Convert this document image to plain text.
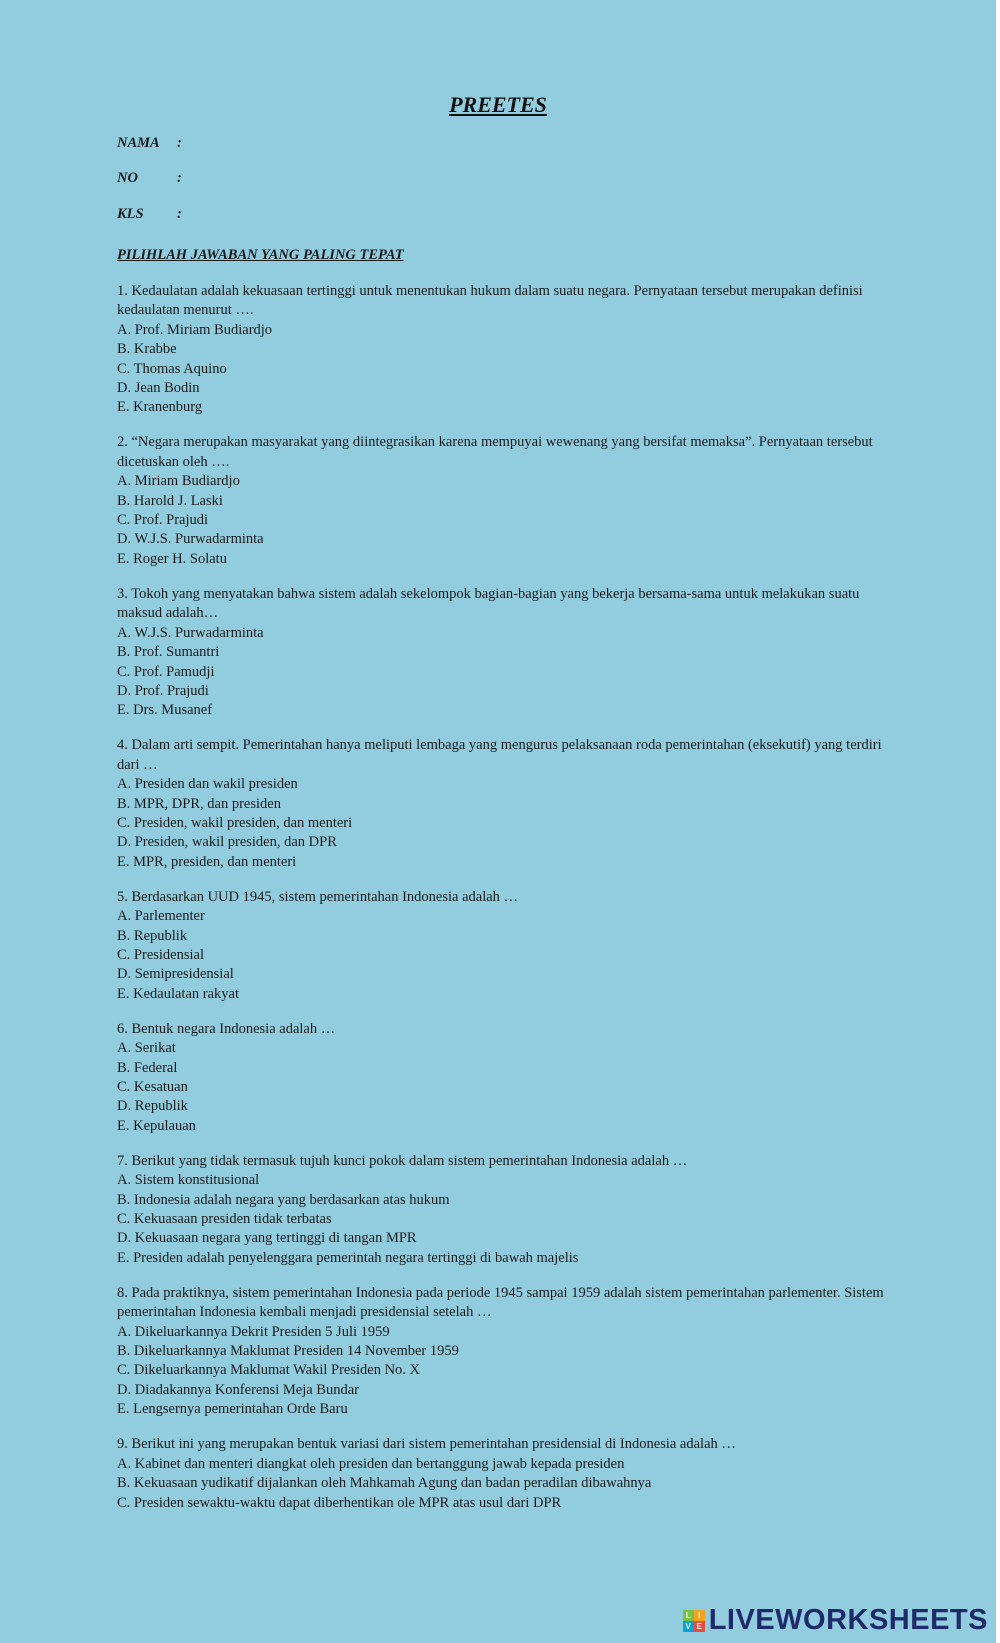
PREETES
NAMA :
NO	:
KLS :
PILIHLAH JAWABAN YANG PALING TEPAT
1. Kedaulatan adalah kekuasaan tertinggi untuk menentukan hukum dalam suatu negara. Pernyataan tersebut merupakan definisi kedaulatan menurut ….
A. Prof. Miriam Budiardjo
B. Krabbe
C. Thomas Aquino
D. Jean Bodin
E. Kranenburg
2. “Negara merupakan masyarakat yang diintegrasikan karena mempuyai wewenang yang bersifat memaksa”. Pernyataan tersebut dicetuskan oleh ….
A. Miriam Budiardjo
B. Harold J. Laski
C. Prof. Prajudi
D. W.J.S. Purwadarminta
E. Roger H. Solatu
3. Tokoh yang menyatakan bahwa sistem adalah sekelompok bagian-bagian yang bekerja bersama-sama untuk melakukan suatu maksud adalah…
A. W.J.S. Purwadarminta
B. Prof. Sumantri
C. Prof. Pamudji
D. Prof. Prajudi
E. Drs. Musanef
4. Dalam arti sempit. Pemerintahan hanya meliputi lembaga yang mengurus pelaksanaan roda pemerintahan (eksekutif) yang terdiri dari …
A. Presiden dan wakil presiden
B. MPR, DPR, dan presiden
C. Presiden, wakil presiden, dan menteri
D. Presiden, wakil presiden, dan DPR
E. MPR, presiden, dan menteri
5. Berdasarkan UUD 1945, sistem pemerintahan Indonesia adalah …
A. Parlementer
B. Republik
C. Presidensial
D. Semipresidensial
E. Kedaulatan rakyat
6. Bentuk negara Indonesia adalah …
A. Serikat
B. Federal
C. Kesatuan
D. Republik
E. Kepulauan
7. Berikut yang tidak termasuk tujuh kunci pokok dalam sistem pemerintahan Indonesia adalah …
A. Sistem konstitusional
B. Indonesia adalah negara yang berdasarkan atas hukum
C. Kekuasaan presiden tidak terbatas
D. Kekuasaan negara yang tertinggi di tangan MPR
E. Presiden adalah penyelenggara pemerintah negara tertinggi di bawah majelis
8. Pada praktiknya, sistem pemerintahan Indonesia pada periode 1945 sampai 1959 adalah sistem pemerintahan parlementer. Sistem pemerintahan Indonesia kembali menjadi presidensial setelah …
A. Dikeluarkannya Dekrit Presiden 5 Juli 1959
B. Dikeluarkannya Maklumat Presiden 14 November 1959
C. Dikeluarkannya Maklumat Wakil Presiden No. X
D. Diadakannya Konferensi Meja Bundar
E. Lengsernya pemerintahan Orde Baru
9. Berikut ini yang merupakan bentuk variasi dari sistem pemerintahan presidensial di Indonesia adalah …
A. Kabinet dan menteri diangkat oleh presiden dan bertanggung jawab kepada presiden
B. Kekuasaan yudikatif dijalankan oleh Mahkamah Agung dan badan peradilan dibawahnya
C. Presiden sewaktu-waktu dapat diberhentikan ole MPR atas usul dari DPR
L I
V E LIVEWORKSHEETS
